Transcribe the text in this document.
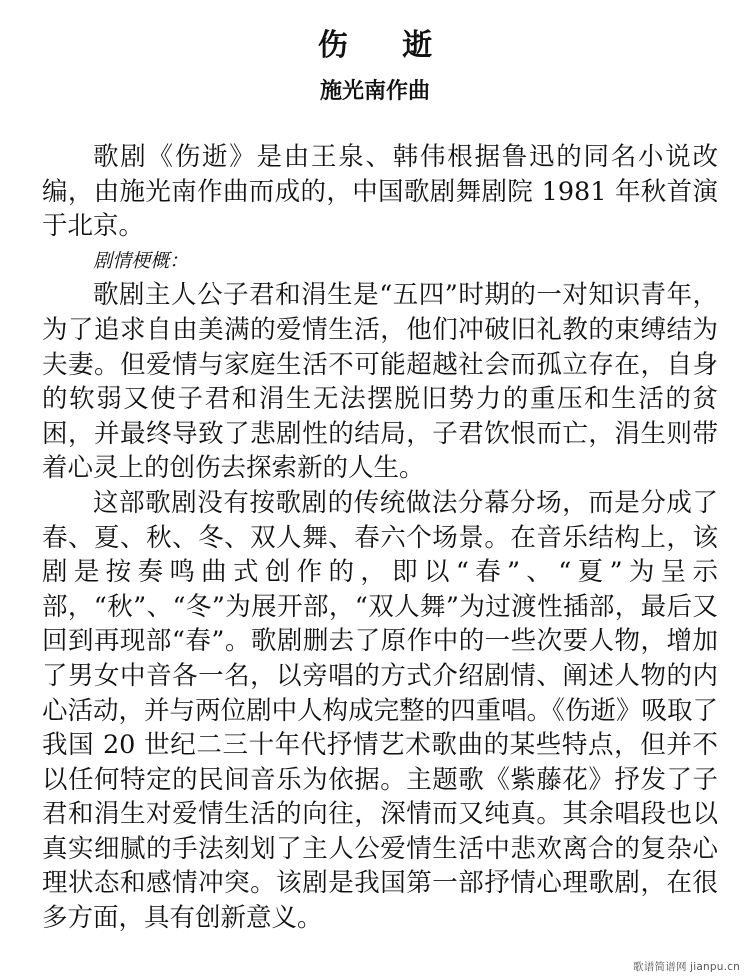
伤 逝
施光南作曲

歌剧《伤逝》是由王泉、韩伟根据鲁迅的同名小说改编，由施光南作曲而成的，中国歌剧舞剧院 1981 年秋首演于北京。

剧情梗概：

歌剧主人公子君和涓生是“五四”时期的一对知识青年，为了追求自由美满的爱情生活，他们冲破旧礼教的束缚结为夫妻。但爱情与家庭生活不可能超越社会而孤立存在，自身的软弱又使子君和涓生无法摆脱旧势力的重压和生活的贫困，并最终导致了悲剧性的结局，子君饮恨而亡，涓生则带着心灵上的创伤去探索新的人生。

这部歌剧没有按歌剧的传统做法分幕分场，而是分成了春、夏、秋、冬、双人舞、春六个场景。在音乐结构上，该剧是按奏鸣曲式创作的，即以“春”、“夏”为呈示部，“秋”、“冬”为展开部，“双人舞”为过渡性插部，最后又回到再现部“春”。歌剧删去了原作中的一些次要人物，增加了男女中音各一名，以旁唱的方式介绍剧情、阐述人物的内心活动，并与两位剧中人构成完整的四重唱。《伤逝》吸取了我国 20 世纪二三十年代抒情艺术歌曲的某些特点，但并不以任何特定的民间音乐为依据。主题歌《紫藤花》抒发了子君和涓生对爱情生活的向往，深情而又纯真。其余唱段也以真实细腻的手法刻划了主人公爱情生活中悲欢离合的复杂心理状态和感情冲突。该剧是我国第一部抒情心理歌剧，在很多方面，具有创新意义。

歌谱简谱网 jianpu.cn
